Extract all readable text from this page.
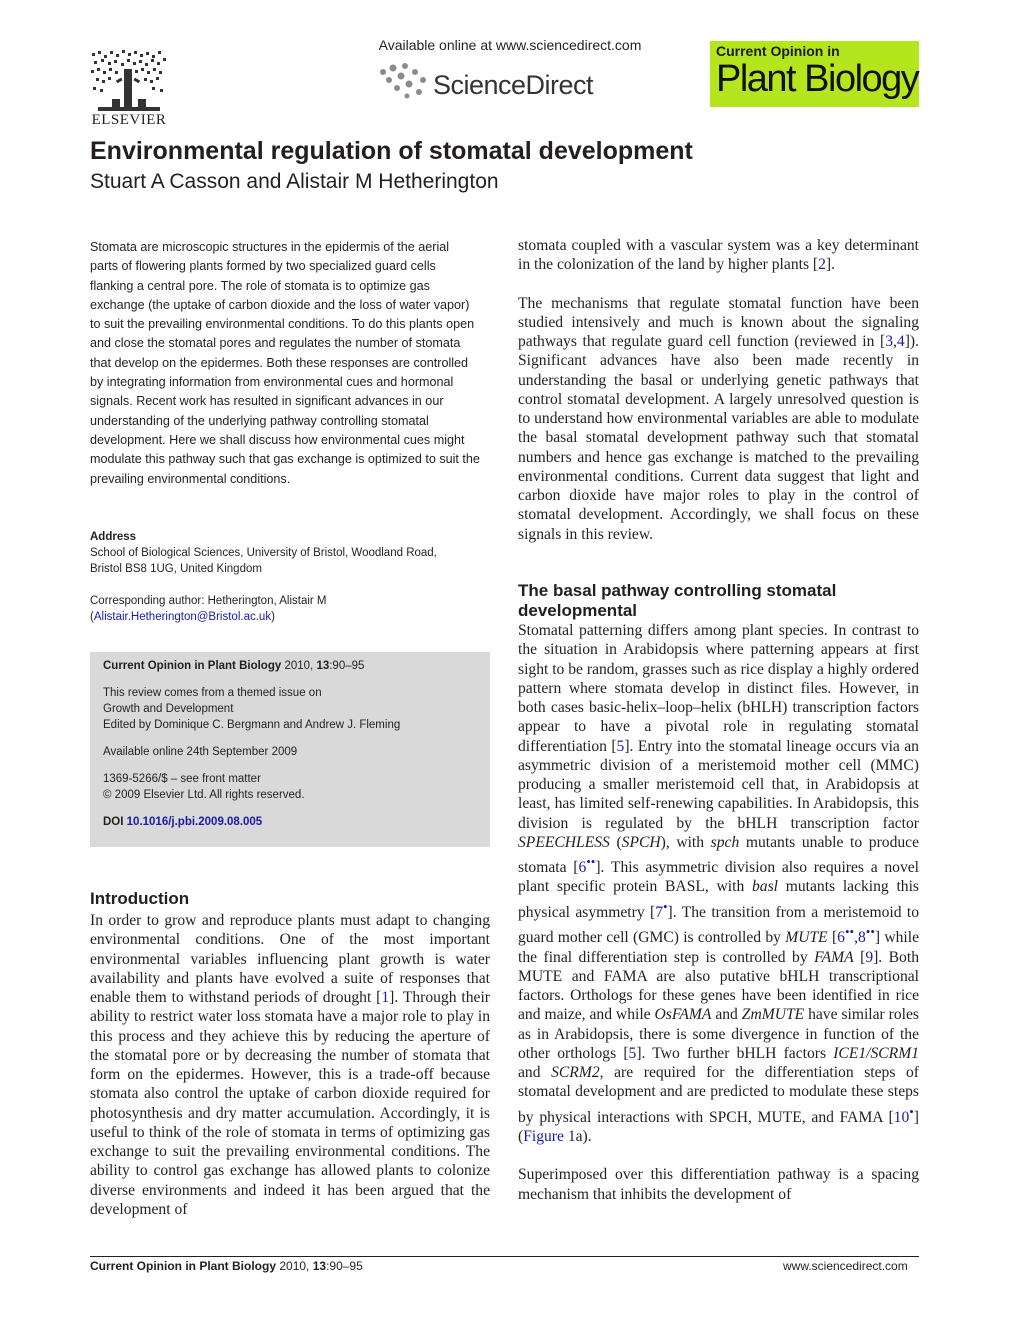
ELSEVIER
Available online at www.sciencedirect.com
ScienceDirect
Current Opinion in
Plant Biology
Environmental regulation of stomatal development
Stuart A Casson and Alistair M Hetherington
Stomata are microscopic structures in the epidermis of the aerial parts of flowering plants formed by two specialized guard cells flanking a central pore. The role of stomata is to optimize gas exchange (the uptake of carbon dioxide and the loss of water vapor) to suit the prevailing environmental conditions. To do this plants open and close the stomatal pores and regulates the number of stomata that develop on the epidermes. Both these responses are controlled by integrating information from environmental cues and hormonal signals. Recent work has resulted in significant advances in our understanding of the underlying pathway controlling stomatal development. Here we shall discuss how environmental cues might modulate this pathway such that gas exchange is optimized to suit the prevailing environmental conditions.
Address
School of Biological Sciences, University of Bristol, Woodland Road,
Bristol BS8 1UG, United Kingdom
Corresponding author: Hetherington, Alistair M
(Alistair.Hetherington@Bristol.ac.uk)
Current Opinion in Plant Biology 2010, 13:90–95
This review comes from a themed issue on
Growth and Development
Edited by Dominique C. Bergmann and Andrew J. Fleming
Available online 24th September 2009
1369-5266/$ – see front matter
© 2009 Elsevier Ltd. All rights reserved.
DOI 10.1016/j.pbi.2009.08.005
Introduction

In order to grow and reproduce plants must adapt to changing environmental conditions. One of the most important environmental variables influencing plant growth is water availability and plants have evolved a suite of responses that enable them to withstand periods of drought [1]. Through their ability to restrict water loss stomata have a major role to play in this process and they achieve this by reducing the aperture of the stomatal pore or by decreasing the number of stomata that form on the epidermes. However, this is a trade-off because stomata also control the uptake of carbon dioxide required for photosynthesis and dry matter accumulation. Accordingly, it is useful to think of the role of stomata in terms of optimizing gas exchange to suit the prevailing environmental conditions. The ability to control gas exchange has allowed plants to colonize diverse environments and indeed it has been argued that the development of

stomata coupled with a vascular system was a key determinant in the colonization of the land by higher plants [2].

The mechanisms that regulate stomatal function have been studied intensively and much is known about the signaling pathways that regulate guard cell function (reviewed in [3,4]). Significant advances have also been made recently in understanding the basal or underlying genetic pathways that control stomatal development. A largely unresolved question is to understand how environmental variables are able to modulate the basal stomatal development pathway such that stomatal numbers and hence gas exchange is matched to the prevailing environmental conditions. Current data suggest that light and carbon dioxide have major roles to play in the control of stomatal development. Accordingly, we shall focus on these signals in this review.

The basal pathway controlling stomatal developmental

Stomatal patterning differs among plant species. In contrast to the situation in Arabidopsis where patterning appears at first sight to be random, grasses such as rice display a highly ordered pattern where stomata develop in distinct files. However, in both cases basic-helix–loop–helix (bHLH) transcription factors appear to have a pivotal role in regulating stomatal differentiation [5]. Entry into the stomatal lineage occurs via an asymmetric division of a meristemoid mother cell (MMC) producing a smaller meristemoid cell that, in Arabidopsis at least, has limited self-renewing capabilities. In Arabidopsis, this division is regulated by the bHLH transcription factor SPEECHLESS (SPCH), with spch mutants unable to produce stomata [6••]. This asymmetric division also requires a novel plant specific protein BASL, with basl mutants lacking this physical asymmetry [7•]. The transition from a meristemoid to guard mother cell (GMC) is controlled by MUTE [6••,8••] while the final differentiation step is controlled by FAMA [9]. Both MUTE and FAMA are also putative bHLH transcriptional factors. Orthologs for these genes have been identified in rice and maize, and while OsFAMA and ZmMUTE have similar roles as in Arabidopsis, there is some divergence in function of the other orthologs [5]. Two further bHLH factors ICE1/SCRM1 and SCRM2, are required for the differentiation steps of stomatal development and are predicted to modulate these steps by physical interactions with SPCH, MUTE, and FAMA [10•] (Figure 1a).

Superimposed over this differentiation pathway is a spacing mechanism that inhibits the development of

Current Opinion in Plant Biology 2010, 13:90–95	www.sciencedirect.com
